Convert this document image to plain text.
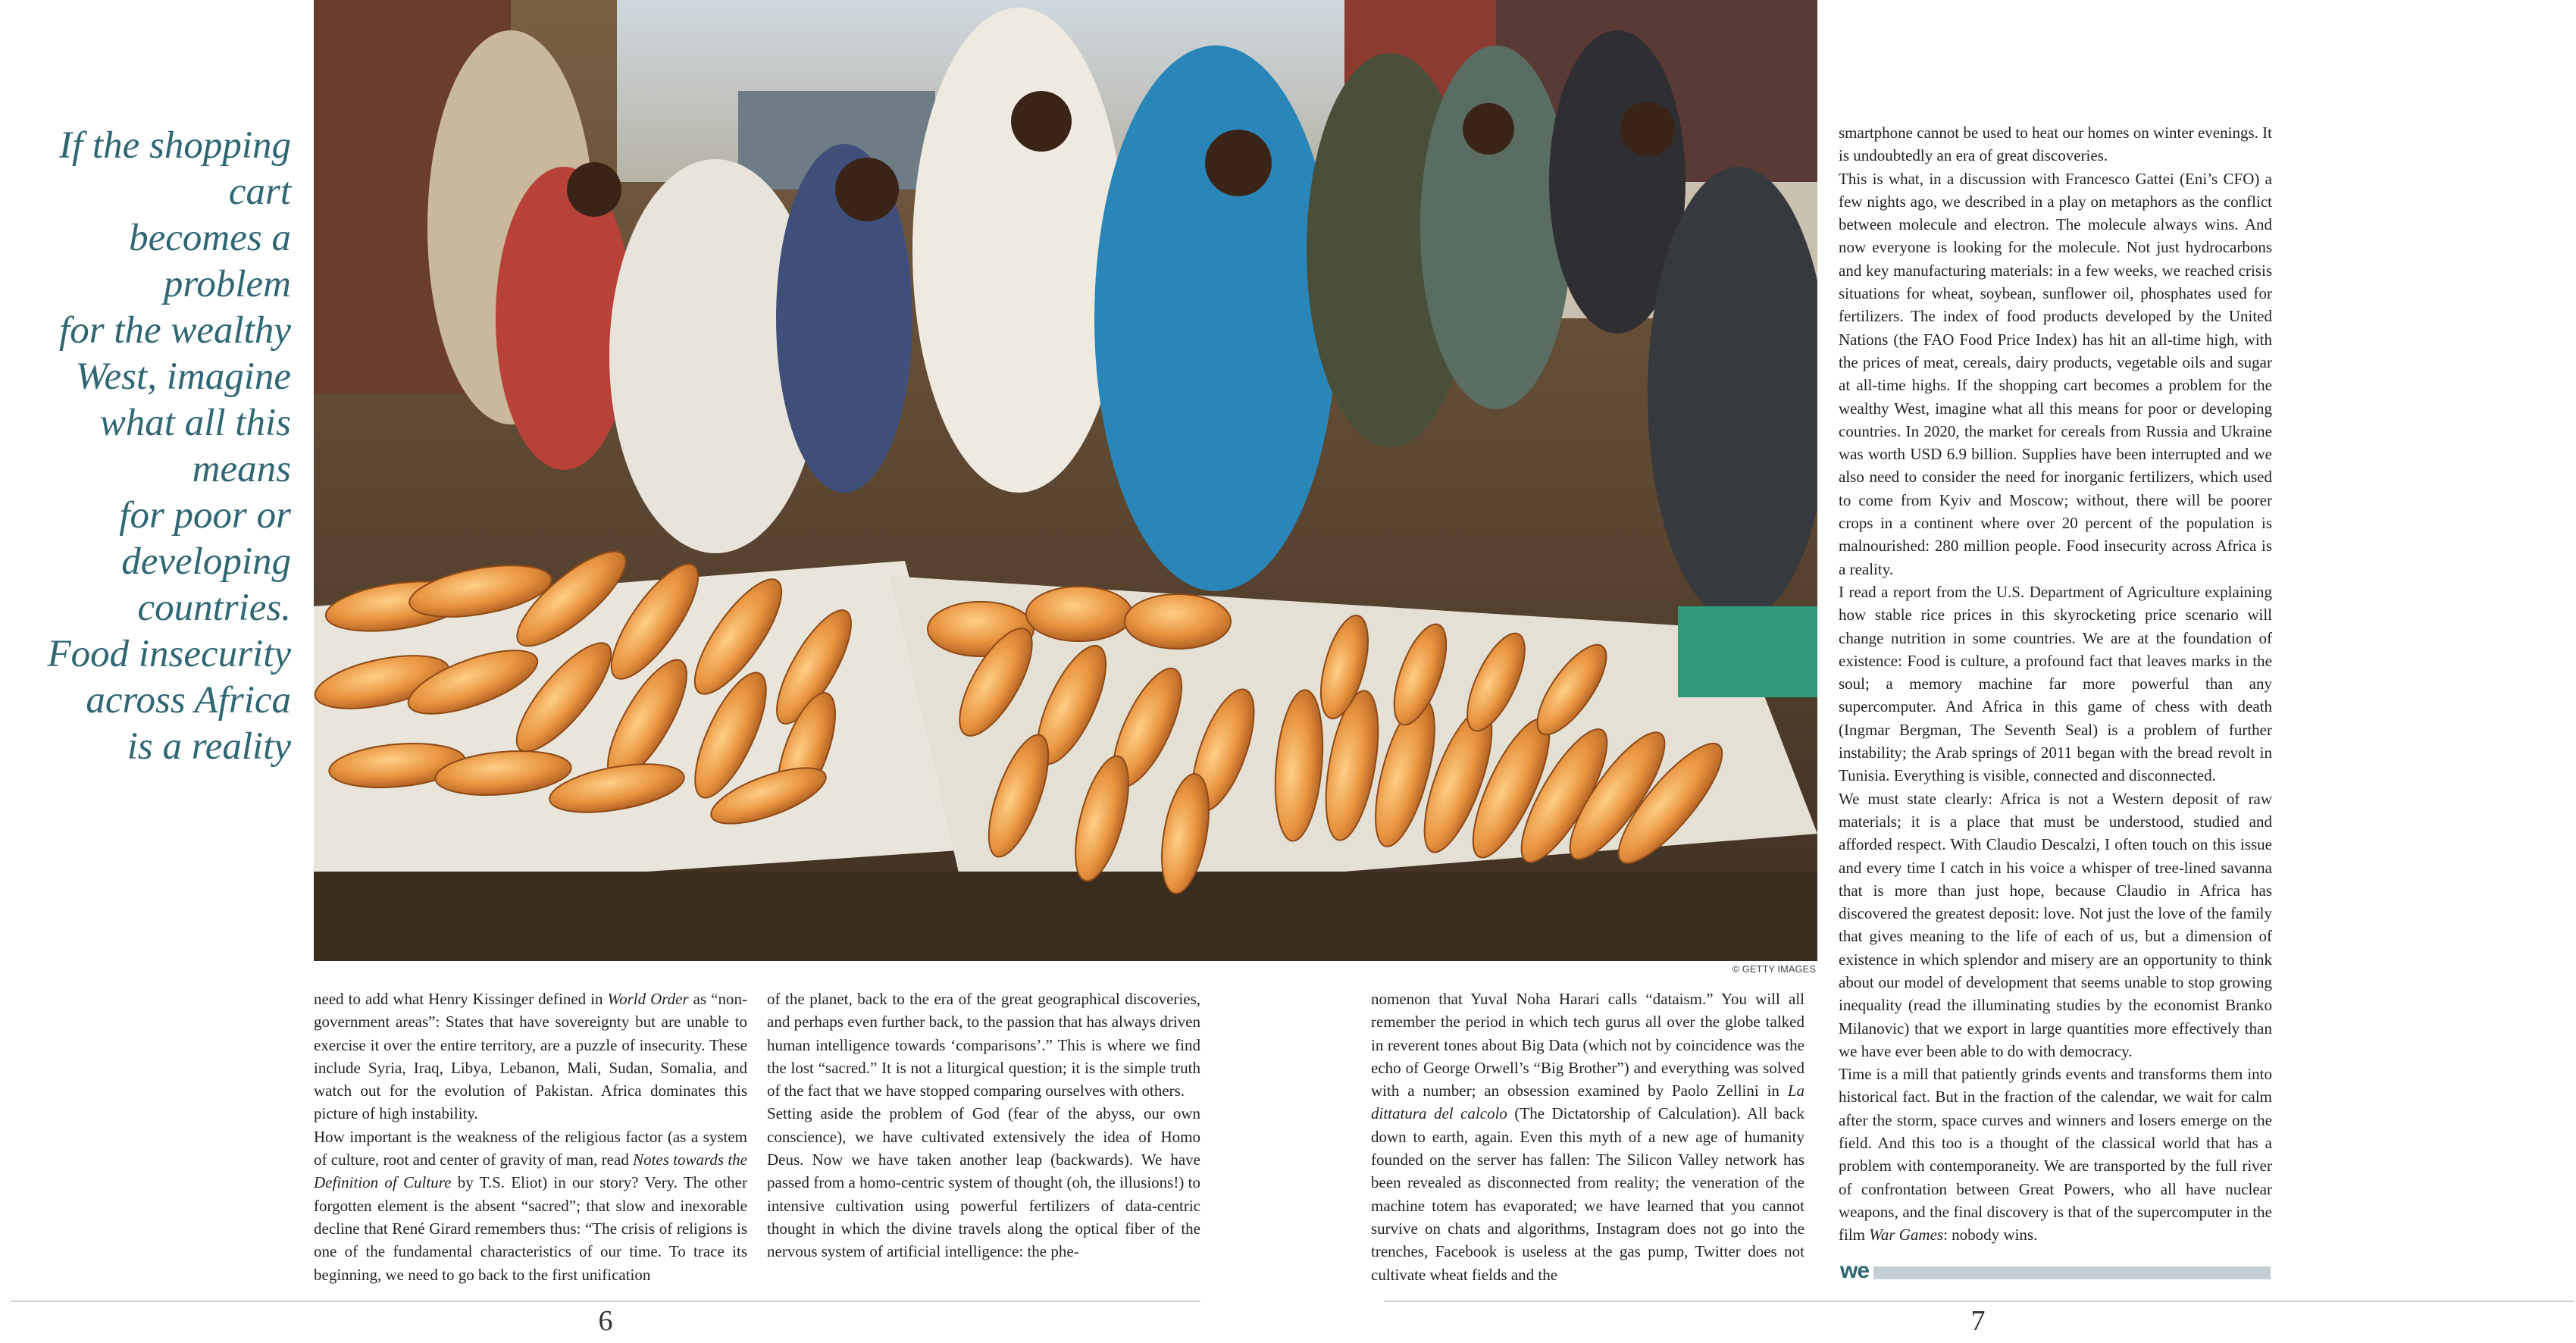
If the shopping cart
becomes a problem
for the wealthy
West, imagine
what all this means
for poor or
developing
countries.
Food insecurity
across Africa
is a reality

© GETTY IMAGES

need to add what Henry Kissinger defined in World Order as “non-government areas”: States that have sovereignty but are unable to exercise it over the entire territory, are a puzzle of insecurity. These include Syria, Iraq, Libya, Lebanon, Mali, Sudan, Somalia, and watch out for the evolution of Pakistan. Africa dominates this picture of high instability.

How important is the weakness of the religious factor (as a system of culture, root and center of gravity of man, read Notes towards the Definition of Culture by T.S. Eliot) in our story? Very. The other forgotten element is the absent “sacred”; that slow and inexorable decline that René Girard remembers thus: “The crisis of religions is one of the fundamental characteristics of our time. To trace its beginning, we need to go back to the first unification

of the planet, back to the era of the great geographical discoveries, and perhaps even further back, to the passion that has always driven human intelligence towards ‘comparisons’.” This is where we find the lost “sacred.” It is not a liturgical question; it is the simple truth of the fact that we have stopped comparing ourselves with others.

Setting aside the problem of God (fear of the abyss, our own conscience), we have cultivated extensively the idea of Homo Deus. Now we have taken another leap (backwards). We have passed from a homo-centric system of thought (oh, the illusions!) to intensive cultivation using powerful fertilizers of data-centric thought in which the divine travels along the optical fiber of the nervous system of artificial intelligence: the phe-

nomenon that Yuval Noha Harari calls “dataism.” You will all remember the period in which tech gurus all over the globe talked in reverent tones about Big Data (which not by coincidence was the echo of George Orwell’s “Big Brother”) and everything was solved with a number; an obsession examined by Paolo Zellini in La dittatura del calcolo (The Dictatorship of Calculation). All back down to earth, again. Even this myth of a new age of humanity founded on the server has fallen: The Silicon Valley network has been revealed as disconnected from reality; the veneration of the machine totem has evaporated; we have learned that you cannot survive on chats and algorithms, Instagram does not go into the trenches, Facebook is useless at the gas pump, Twitter does not cultivate wheat fields and the

smartphone cannot be used to heat our homes on winter evenings. It is undoubtedly an era of great discoveries.

This is what, in a discussion with Francesco Gattei (Eni’s CFO) a few nights ago, we described in a play on metaphors as the conflict between molecule and electron. The molecule always wins. And now everyone is looking for the molecule. Not just hydrocarbons and key manufacturing materials: in a few weeks, we reached crisis situations for wheat, soybean, sunflower oil, phosphates used for fertilizers. The index of food products developed by the United Nations (the FAO Food Price Index) has hit an all-time high, with the prices of meat, cereals, dairy products, vegetable oils and sugar at all-time highs. If the shopping cart becomes a problem for the wealthy West, imagine what all this means for poor or developing countries. In 2020, the market for cereals from Russia and Ukraine was worth USD 6.9 billion. Supplies have been interrupted and we also need to consider the need for inorganic fertilizers, which used to come from Kyiv and Moscow; without, there will be poorer crops in a continent where over 20 percent of the population is malnourished: 280 million people. Food insecurity across Africa is a reality.

I read a report from the U.S. Department of Agriculture explaining how stable rice prices in this skyrocketing price scenario will change nutrition in some countries. We are at the foundation of existence: Food is culture, a profound fact that leaves marks in the soul; a memory machine far more powerful than any supercomputer. And Africa in this game of chess with death (Ingmar Bergman, The Seventh Seal) is a problem of further instability; the Arab springs of 2011 began with the bread revolt in Tunisia. Everything is visible, connected and disconnected.

We must state clearly: Africa is not a Western deposit of raw materials; it is a place that must be understood, studied and afforded respect. With Claudio Descalzi, I often touch on this issue and every time I catch in his voice a whisper of tree-lined savanna that is more than just hope, because Claudio in Africa has discovered the greatest deposit: love. Not just the love of the family that gives meaning to the life of each of us, but a dimension of existence in which splendor and misery are an opportunity to think about our model of development that seems unable to stop growing inequality (read the illuminating studies by the economist Branko Milanovic) that we export in large quantities more effectively than we have ever been able to do with democracy.

Time is a mill that patiently grinds events and transforms them into historical fact. But in the fraction of the calendar, we wait for calm after the storm, space curves and winners and losers emerge on the field. And this too is a thought of the classical world that has a problem with contemporaneity. We are transported by the full river of confrontation between Great Powers, who all have nuclear weapons, and the final discovery is that of the supercomputer in the film War Games: nobody wins.

we

6	7
